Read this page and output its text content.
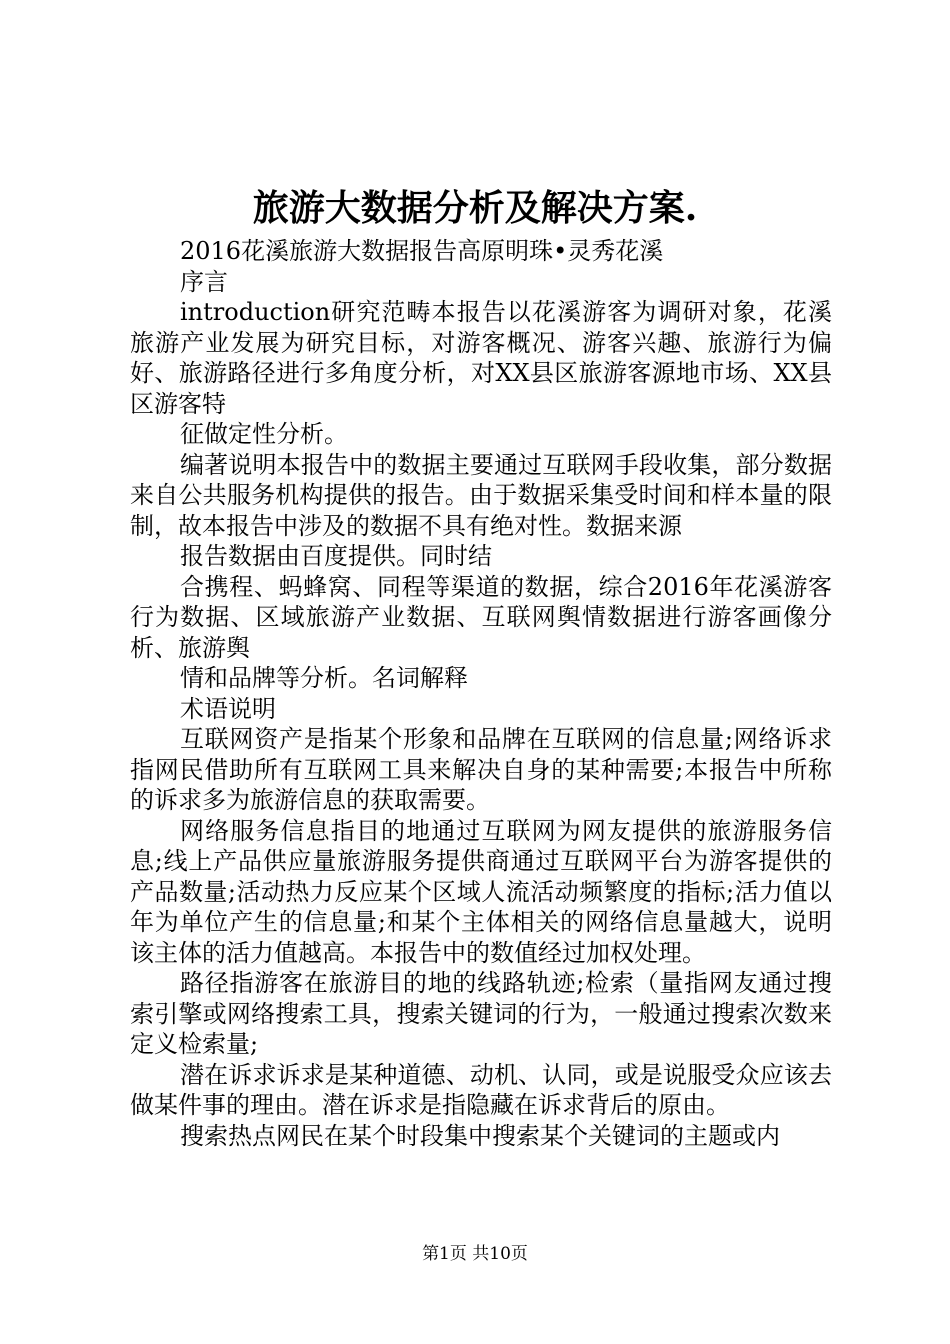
旅游大数据分析及解决方案.

2016花溪旅游大数据报告高原明珠•灵秀花溪

序言

introduction研究范畴本报告以花溪游客为调研对象，花溪旅游产业发展为研究目标，对游客概况、游客兴趣、旅游行为偏好、旅游路径进行多角度分析，对XX县区旅游客源地市场、XX县区游客特

征做定性分析。

编著说明本报告中的数据主要通过互联网手段收集，部分数据来自公共服务机构提供的报告。由于数据采集受时间和样本量的限制，故本报告中涉及的数据不具有绝对性。数据来源

报告数据由百度提供。同时结

合携程、蚂蜂窝、同程等渠道的数据，综合2016年花溪游客行为数据、区域旅游产业数据、互联网舆情数据进行游客画像分析、旅游舆

情和品牌等分析。名词解释

术语说明

互联网资产是指某个形象和品牌在互联网的信息量;网络诉求指网民借助所有互联网工具来解决自身的某种需要;本报告中所称的诉求多为旅游信息的获取需要。

网络服务信息指目的地通过互联网为网友提供的旅游服务信息;线上产品供应量旅游服务提供商通过互联网平台为游客提供的产品数量;活动热力反应某个区域人流活动频繁度的指标;活力值以年为单位产生的信息量;和某个主体相关的网络信息量越大，说明该主体的活力值越高。本报告中的数值经过加权处理。

路径指游客在旅游目的地的线路轨迹;检索（量指网友通过搜索引擎或网络搜索工具，搜索关键词的行为，一般通过搜索次数来定义检索量;

潜在诉求诉求是某种道德、动机、认同，或是说服受众应该去做某件事的理由。潜在诉求是指隐藏在诉求背后的原由。

搜索热点网民在某个时段集中搜索某个关键词的主题或内

第1页 共10页
